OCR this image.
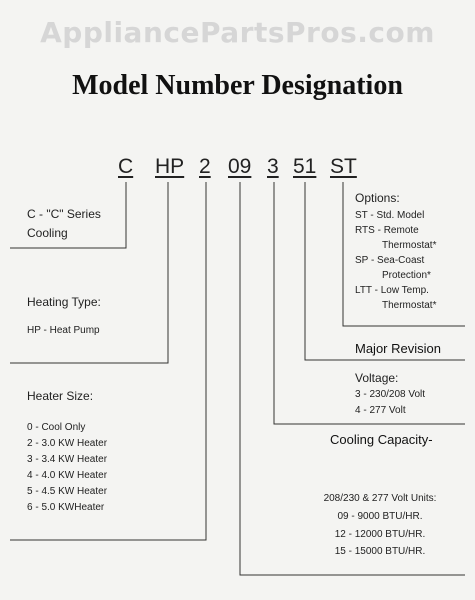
AppliancePartsPros.com
Model Number Designation
C HP 2 09 3 51 ST
C - "C" Series
Cooling
Heating Type:
HP - Heat Pump
Heater Size:
0 - Cool Only
2 - 3.0 KW Heater
3 - 3.4 KW Heater
4 - 4.0 KW Heater
5 - 4.5 KW Heater
6 - 5.0 KWHeater
Options:
ST - Std. Model
RTS - Remote
Thermostat*
SP - Sea-Coast
Protection*
LTT - Low Temp.
Thermostat*
Major Revision
Voltage:
3 - 230/208 Volt
4 - 277 Volt
Cooling Capacity-
208/230 & 277 Volt Units:
09 - 9000 BTU/HR.
12 - 12000 BTU/HR.
15 - 15000 BTU/HR.
